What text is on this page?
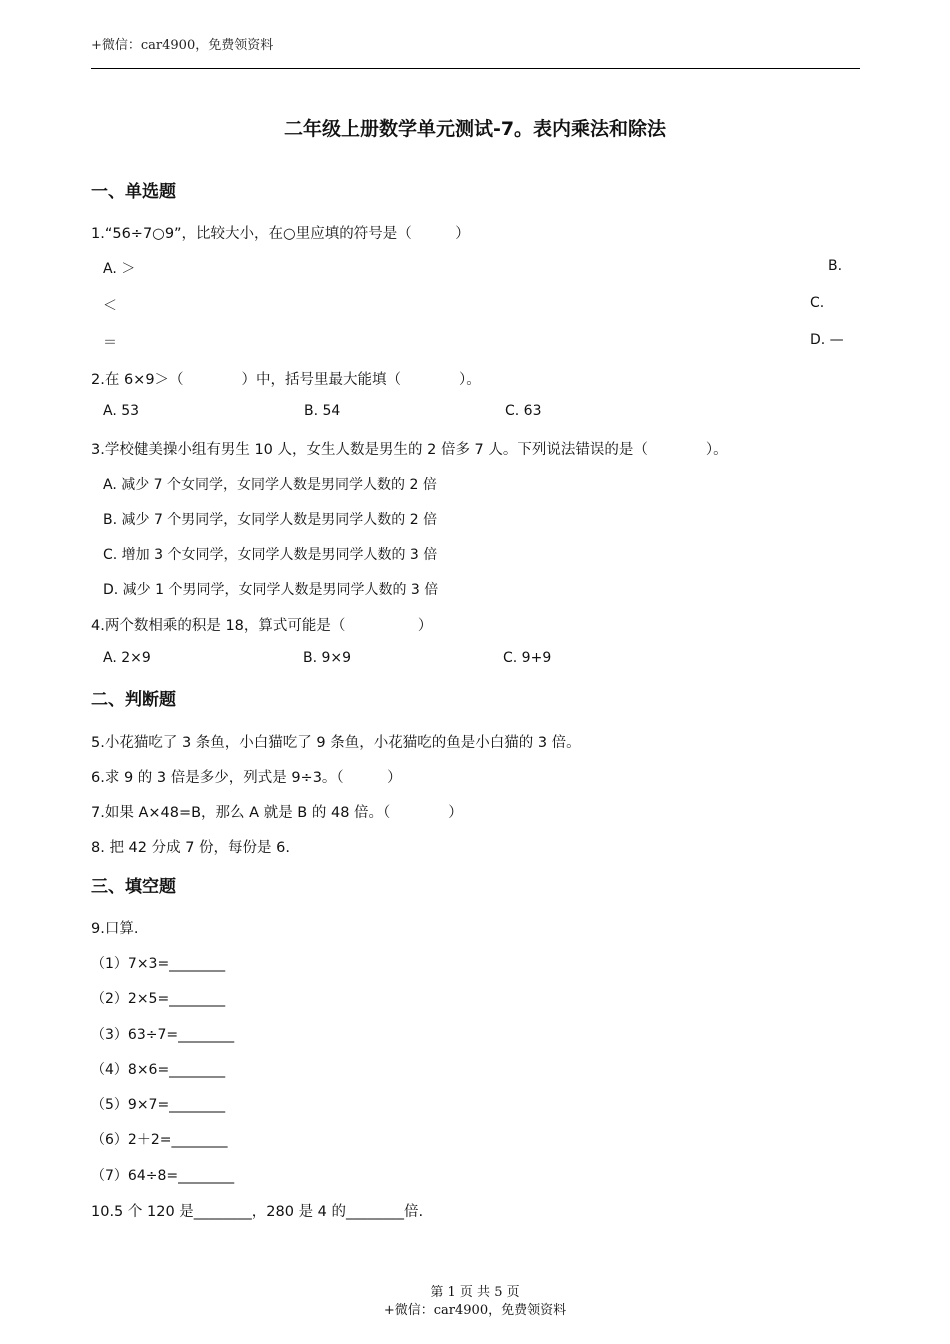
+微信：car4900，免费领资料
二年级上册数学单元测试-7。表内乘法和除法
一、单选题
1.“56÷7○9”，比较大小，在○里应填的符号是（　　　）
A. ＞	B.
＜	C.
＝	D. —
2.在 6×9＞（　　　　）中，括号里最大能填（　　　　）。
A. 53	B. 54	C. 63
3.学校健美操小组有男生 10 人，女生人数是男生的 2 倍多 7 人。下列说法错误的是（　　　　）。
A. 减少 7 个女同学，女同学人数是男同学人数的 2 倍
B. 减少 7 个男同学，女同学人数是男同学人数的 2 倍
C. 增加 3 个女同学，女同学人数是男同学人数的 3 倍
D. 减少 1 个男同学，女同学人数是男同学人数的 3 倍
4.两个数相乘的积是 18，算式可能是（　　　　　）
A. 2×9	B. 9×9	C. 9+9
二、判断题
5.小花猫吃了 3 条鱼，小白猫吃了 9 条鱼，小花猫吃的鱼是小白猫的 3 倍。
6.求 9 的 3 倍是多少，列式是 9÷3。（　　　）
7.如果 A×48=B，那么 A 就是 B 的 48 倍。（　　　　）
8. 把 42 分成 7 份，每份是 6.
三、填空题
9.口算.
（1）7×3=________
（2）2×5=________
（3）63÷7=________
（4）8×6=________
（5）9×7=________
（6）2＋2=________
（7）64÷8=________
10.5 个 120 是________，280 是 4 的________倍.
第 1 页 共 5 页
+微信：car4900，免费领资料
